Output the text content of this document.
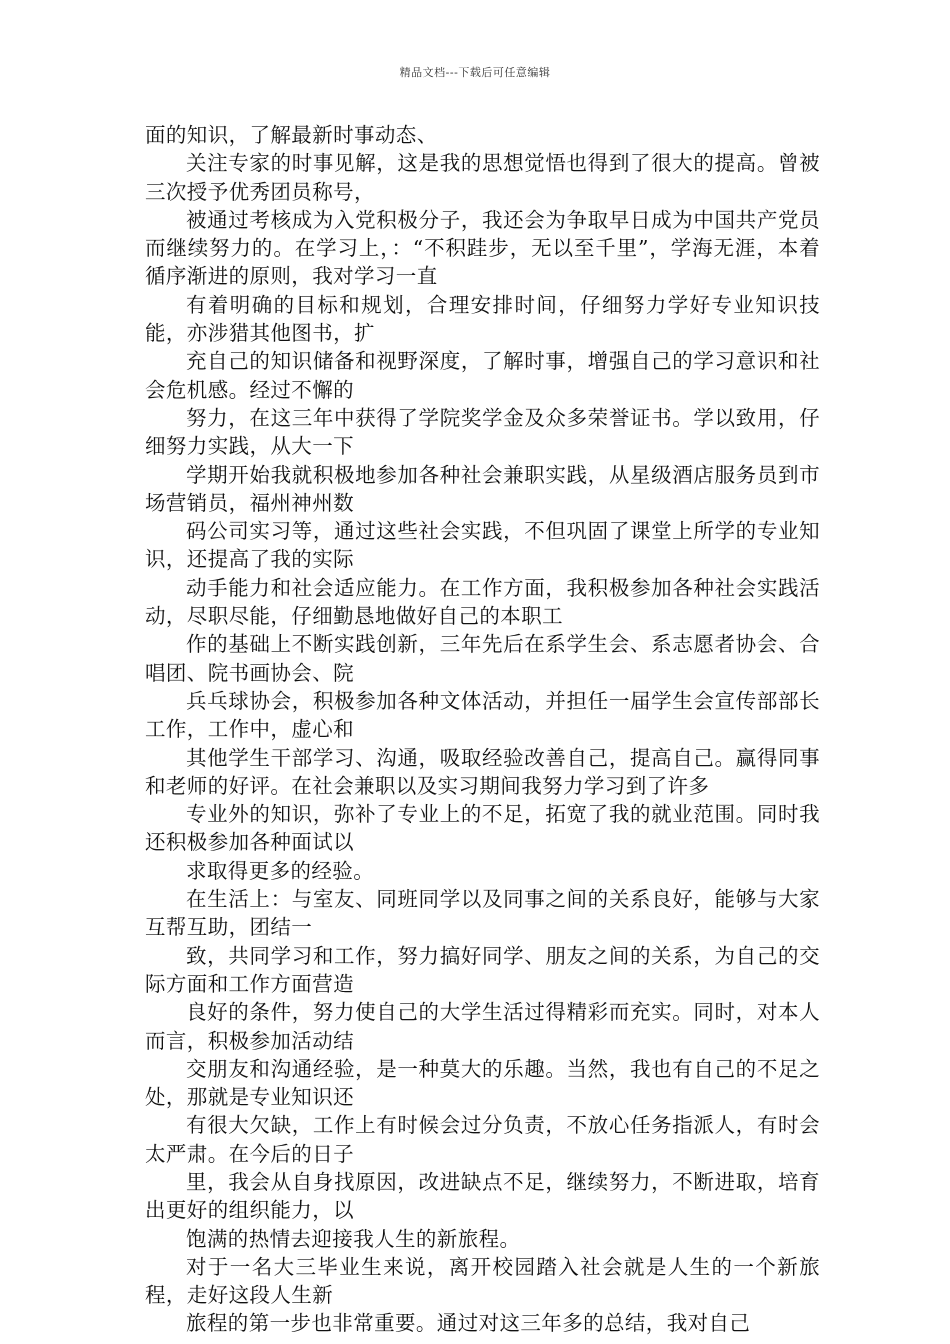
精品文档---下载后可任意编辑

面的知识，了解最新时事动态、

关注专家的时事见解，这是我的思想觉悟也得到了很大的提高。曾被三次授予优秀团员称号，

被通过考核成为入党积极分子，我还会为争取早日成为中国共产党员而继续努力的。在学习上，：“不积跬步，无以至千里”，学海无涯，本着循序渐进的原则，我对学习一直

有着明确的目标和规划，合理安排时间，仔细努力学好专业知识技能，亦涉猎其他图书，扩

充自己的知识储备和视野深度，了解时事，增强自己的学习意识和社会危机感。经过不懈的

努力，在这三年中获得了学院奖学金及众多荣誉证书。学以致用，仔细努力实践，从大一下

学期开始我就积极地参加各种社会兼职实践，从星级酒店服务员到市场营销员，福州神州数

码公司实习等，通过这些社会实践，不但巩固了课堂上所学的专业知识，还提高了我的实际

动手能力和社会适应能力。在工作方面，我积极参加各种社会实践活动，尽职尽能，仔细勤恳地做好自己的本职工

作的基础上不断实践创新，三年先后在系学生会、系志愿者协会、合唱团、院书画协会、院

兵乓球协会，积极参加各种文体活动，并担任一届学生会宣传部部长工作，工作中，虚心和

其他学生干部学习、沟通，吸取经验改善自己，提高自己。赢得同事和老师的好评。在社会兼职以及实习期间我努力学习到了许多

专业外的知识，弥补了专业上的不足，拓宽了我的就业范围。同时我还积极参加各种面试以

求取得更多的经验。

在生活上：与室友、同班同学以及同事之间的关系良好，能够与大家互帮互助，团结一

致，共同学习和工作，努力搞好同学、朋友之间的关系，为自己的交际方面和工作方面营造

良好的条件，努力使自己的大学生活过得精彩而充实。同时，对本人而言，积极参加活动结

交朋友和沟通经验，是一种莫大的乐趣。当然，我也有自己的不足之处，那就是专业知识还

有很大欠缺，工作上有时候会过分负责，不放心任务指派人，有时会太严肃。在今后的日子

里，我会从自身找原因，改进缺点不足，继续努力，不断进取，培育出更好的组织能力，以

饱满的热情去迎接我人生的新旅程。

对于一名大三毕业生来说，离开校园踏入社会就是人生的一个新旅程，走好这段人生新

旅程的第一步也非常重要。通过对这三年多的总结，我对自己
